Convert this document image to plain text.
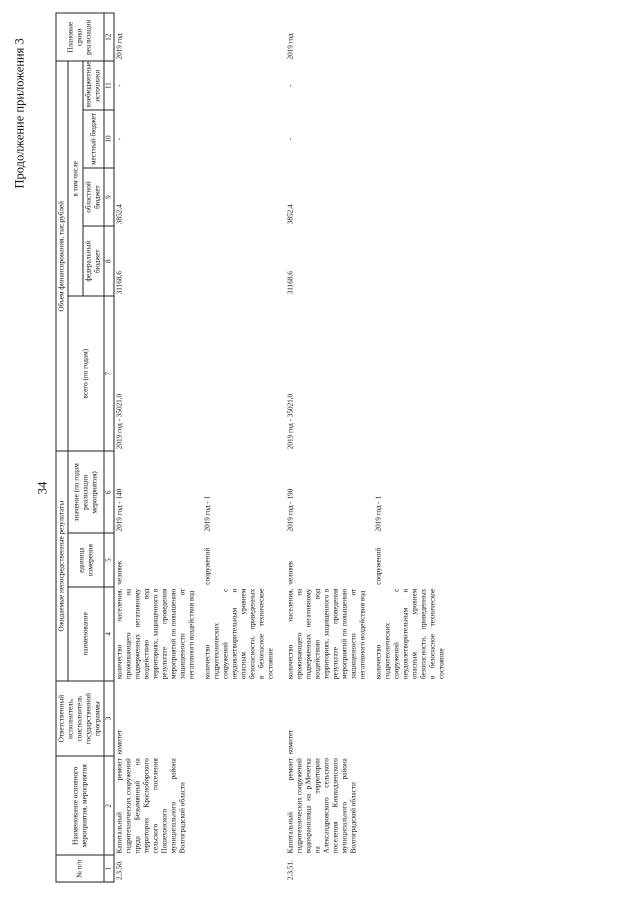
Продолжение приложения 3
34
№ п/п	Наименование основного мероприятия, мероприятия	Ответственный исполнитель, соисполнитель государственной программы	Ожидаемые непосредственные результаты			Объем финансирования, тыс.рублей					Плановые сроки реализации
			наименование	единица измерения	значение (по годам реализации мероприятия)	всего (по годам)	в том числе				
							федеральный бюджет	областной бюджет	местный бюджет	внебюджетные источники	
1	2	3	4	5	6	7	8	9	10	11	12
2.3.50.	Капитальный ремонт гидротехнических сооружений пруда Безымянный на территории Красноборского сельского поселения Пошехонского муниципального района Волгоградской области	комитет	количество населения, проживающего на подверженных негативному воздействию вод территориях, защищенного в результате проведения мероприятий по повышению защищенности от негативного воздействия вод	человек	2019 год - 140	2019 год - 35021,0	31168,6	3852,4	-	-	2019 год
			количество гидротехнических сооружений с неудовлетворительным и опасным уровнем безопасности, приведенных в безопасное техническое состояние	сооружений	2019 год - 1						
2.3.51.	Капитальный ремонт гидротехнических сооружений водохранилища на р.Мечетка на территории Александровского сельского поселения Киквидзенского муниципального района Волгоградской области	комитет	количество населения, проживающего на подверженных негативному воздействию вод территориях, защищенного в результате проведения мероприятий по повышению защищенности от негативного воздействия вод	человек	2019 год - 190	2019 год - 35021,0	31168,6	3852,4	-	-	2019 год
			количество гидротехнических сооружений с неудовлетворительным и опасным уровнем безопасности, приведенных в безопасное техническое состояние	сооружений	2019 год - 1						
